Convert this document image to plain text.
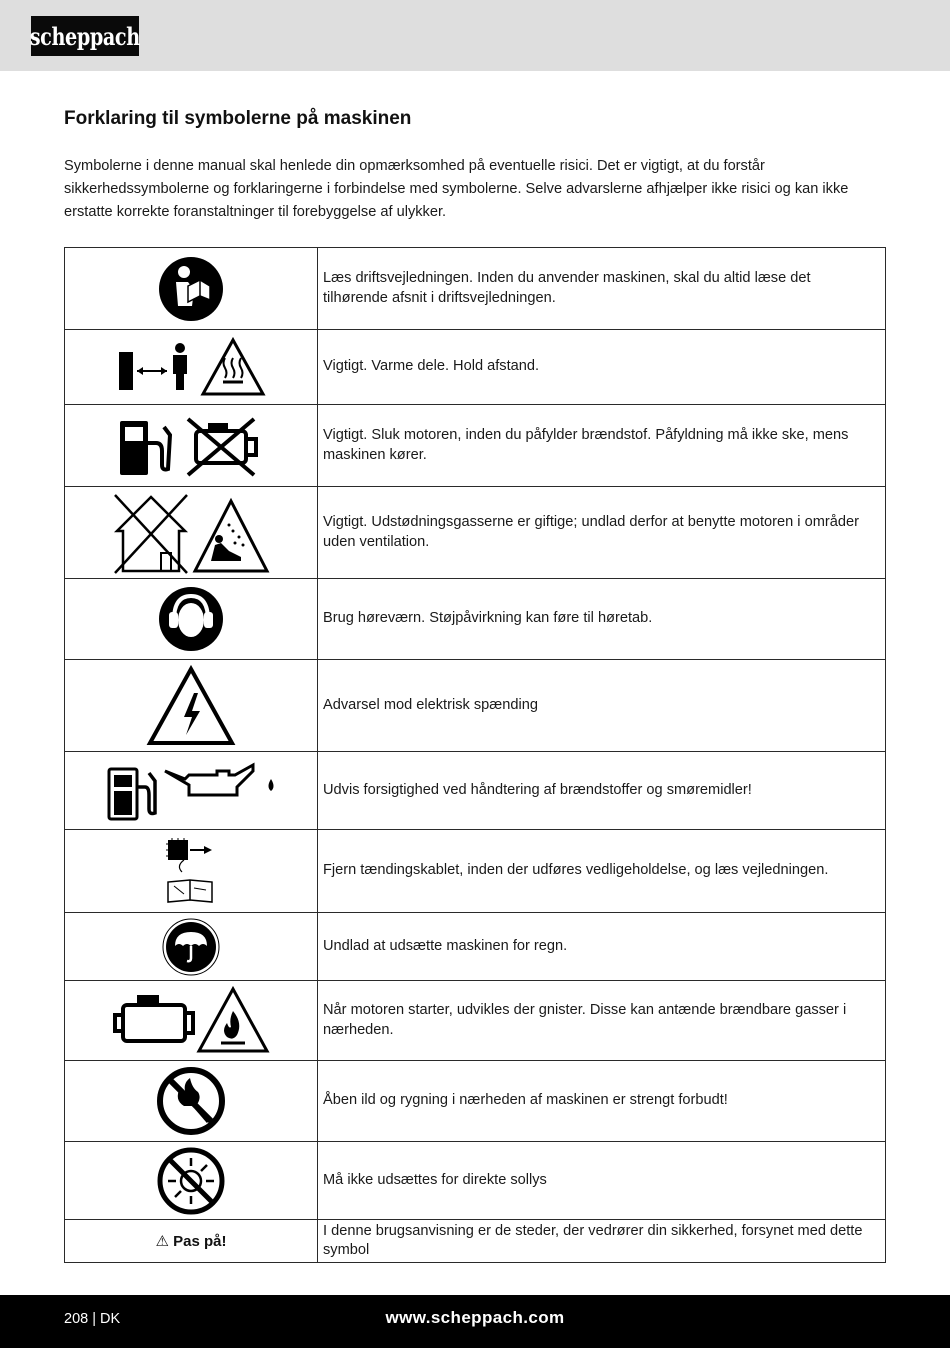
scheppach
Forklaring til symbolerne på maskinen

Symbolerne i denne manual skal henlede din opmærksomhed på eventuelle risici. Det er vigtigt, at du forstår sikkerhedssymbolerne og forklaringerne i forbindelse med symbolerne. Selve advarslerne afhjælper ikke risici og kan ikke erstatte korrekte foranstaltninger til forebyggelse af ulykker.

	Læs driftsvejledningen. Inden du anvender maskinen, skal du altid læse det tilhørende afsnit i driftsvejledningen.

	Vigtigt. Varme dele. Hold afstand.

	Vigtigt. Sluk motoren, inden du påfylder brændstof. Påfyldning må ikke ske, mens maskinen kører.

	Vigtigt. Udstødningsgasserne er giftige; undlad derfor at benytte motoren i områder uden ventilation.

	Brug høreværn. Støjpåvirkning kan føre til høretab.

	Advarsel mod elektrisk spænding

	Udvis forsigtighed ved håndtering af brændstoffer og smøremidler!

	Fjern tændingskablet, inden der udføres vedligeholdelse, og læs vejledningen.

	Undlad at udsætte maskinen for regn.

	Når motoren starter, udvikles der gnister. Disse kan antænde brændbare gasser i nærheden.

	Åben ild og rygning i nærheden af maskinen er strengt forbudt!

	Må ikke udsættes for direkte sollys
⚠ Pas på!	I denne brugsanvisning er de steder, der vedrører din sikkerhed, forsynet med dette symbol
208 | DK	www.scheppach.com
